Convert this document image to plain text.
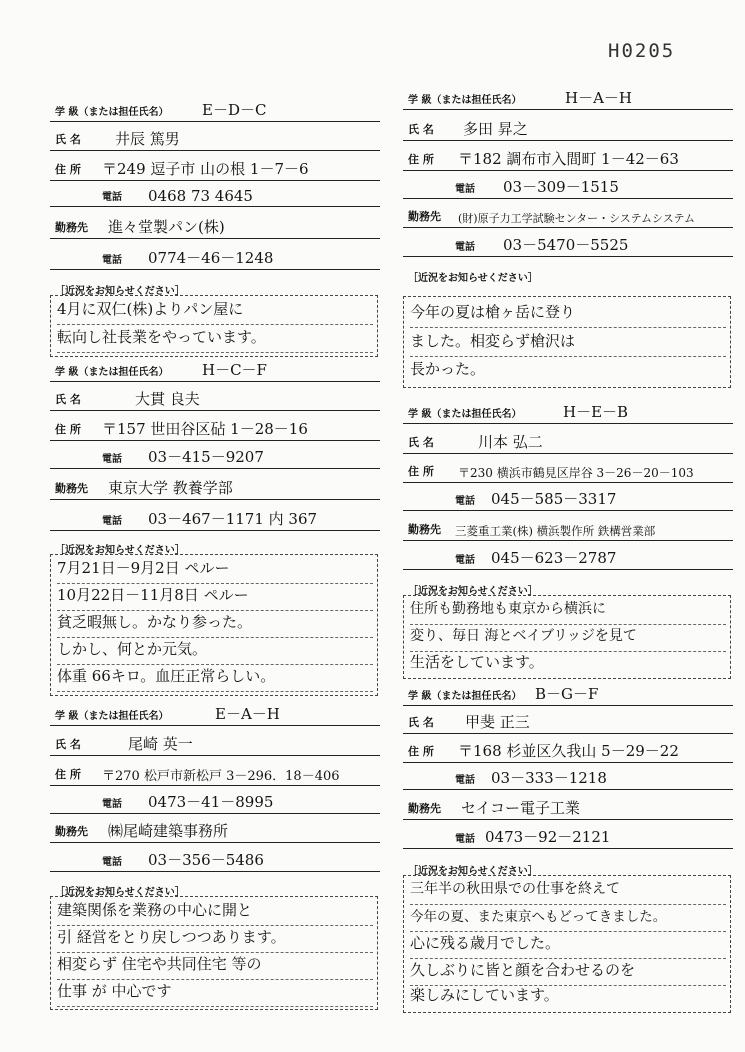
H0205
学 級（または担任氏名） E－D－C
氏 名 井辰 篤男
住 所 〒249 逗子市 山の根 1－7－6
電話 0468 73 4645
勤務先 進々堂製パン(株)
電話 0774－46－1248
［近況をお知らせください］
4月に双仁(株)よりパン屋に
転向し社長業をやっています。
学 級（または担任氏名） H－C－F
氏 名	大貫 良夫
住 所 〒157 世田谷区砧 1－28－16
電話 03－415－9207
勤務先 東京大学 教養学部
電話 03－467－1171 内 367
［近況をお知らせください］
7月21日－9月2日 ペルー
10月22日－11月8日 ペルー
貧乏暇無し。かなり参った。
しかし、何とか元気。
体重 66キロ。血圧正常らしい。
学 級（または担任氏名）	E－A－H
氏 名	尾崎 英一
住 所 〒270 松戸市新松戸 3－296．18－406
電話 0473－41－8995
勤務先 ㈱尾崎建築事務所
電話 03－356－5486
［近況をお知らせください］
建築関係を業務の中心に開と
引 経営をとり戻しつつあります。
相変らず 住宅や共同住宅 等の
仕事 が 中心です
学 級（または担任氏名）	H－A－H
氏 名 多田 昇之
住 所 〒182 調布市入間町 1－42－63
電話 03－309－1515
勤務先 (財)原子力工学試験センター・システムシステム
電話 03－5470－5525
［近況をお知らせください］
今年の夏は槍ヶ岳に登り
ました。相変らず槍沢は
長かった。
学 級（または担任氏名）	H－E－B
氏 名	川本 弘二
住 所 〒230 横浜市鶴見区岸谷 3－26－20－103
電話 045－585－3317
勤務先 三菱重工業(株) 横浜製作所 鉄構営業部
電話 045－623－2787
［近況をお知らせください］
住所も勤務地も東京から横浜に
変り、毎日 海とベイブリッジを見て
生活をしています。
学 級（または担任氏名） B－G－F
氏 名 甲斐 正三
住 所 〒168 杉並区久我山 5－29－22
電話 03－333－1218
勤務先 セイコー電子工業
電話 0473－92－2121
［近況をお知らせください］
三年半の秋田県での仕事を終えて
今年の夏、また東京へもどってきました。
心に残る歳月でした。
久しぶりに皆と顔を合わせるのを
楽しみにしています。
